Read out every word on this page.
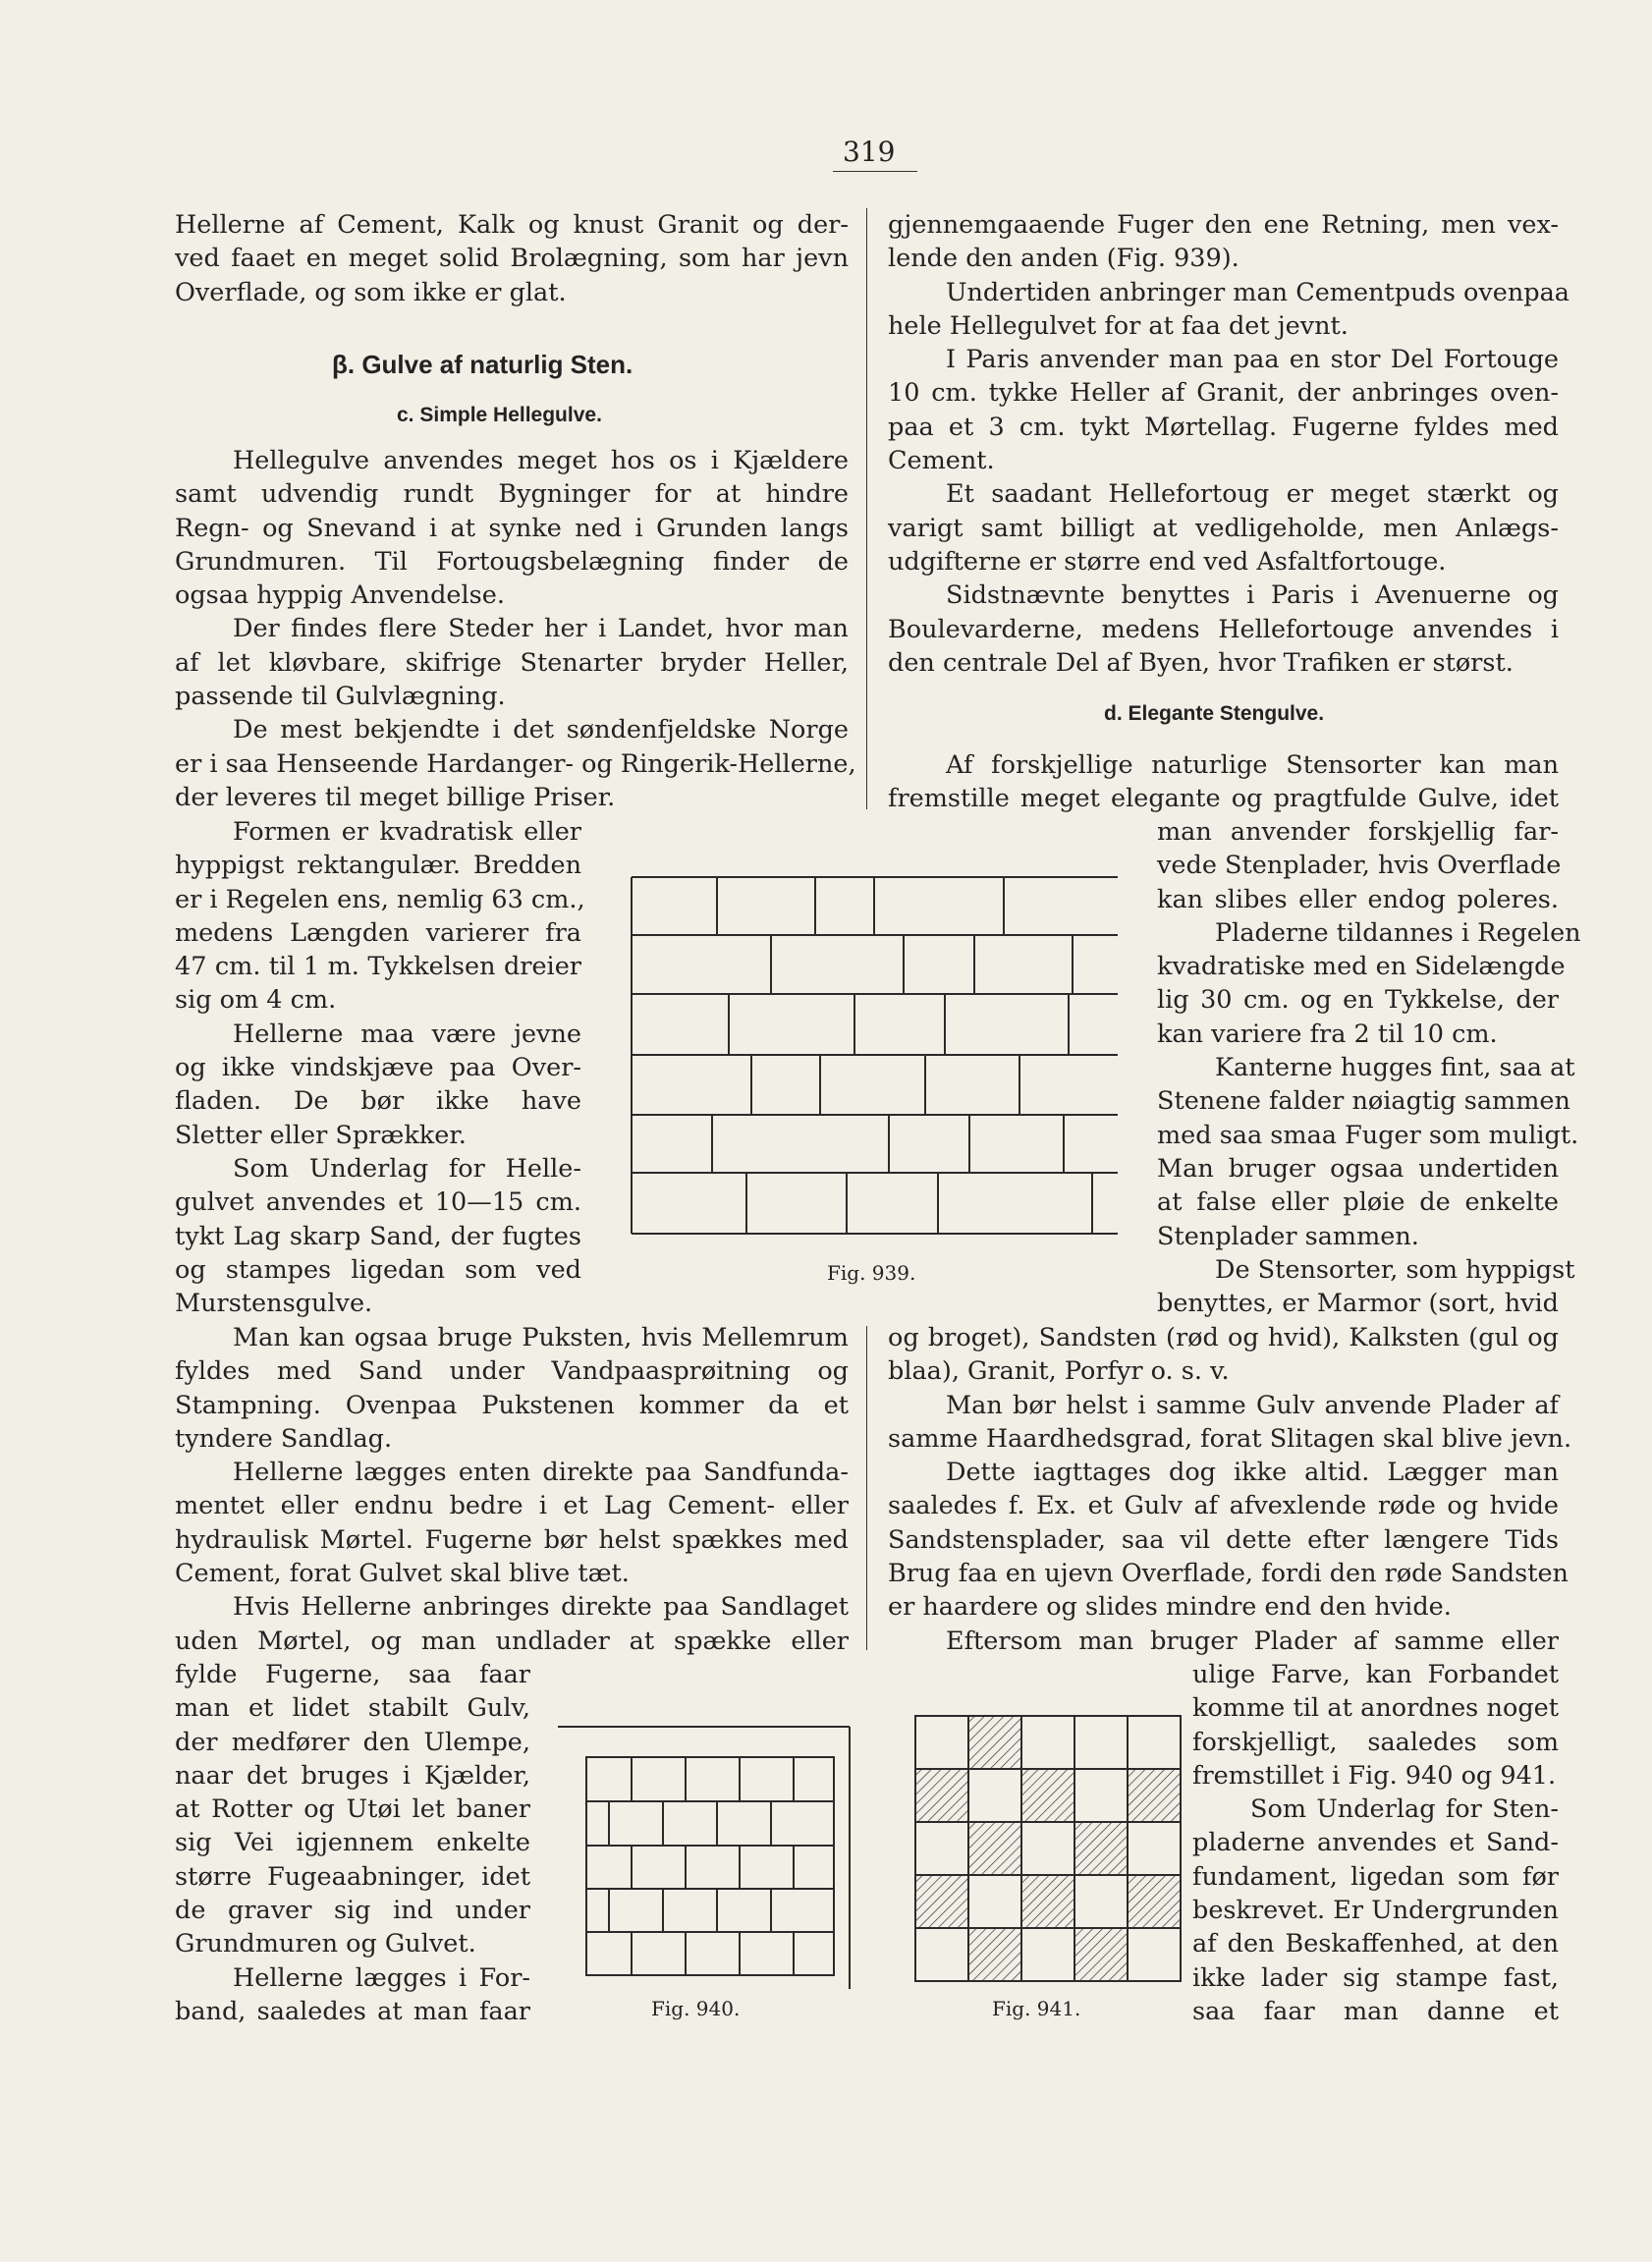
319
Hellerne af Cement, Kalk og knust Granit og der-
ved faaet en meget solid Brolægning, som har jevn
Overflade, og som ikke er glat.
β. Gulve af naturlig Sten.
c. Simple Hellegulve.
Hellegulve anvendes meget hos os i Kjældere
samt udvendig rundt Bygninger for at hindre
Regn- og Snevand i at synke ned i Grunden langs
Grundmuren. Til Fortougsbelægning finder de
ogsaa hyppig Anvendelse.
Der findes flere Steder her i Landet, hvor man
af let kløvbare, skifrige Stenarter bryder Heller,
passende til Gulvlægning.
De mest bekjendte i det søndenfjeldske Norge
er i saa Henseende Hardanger- og Ringerik-Hellerne,
der leveres til meget billige Priser.
Formen er kvadratisk eller
hyppigst rektangulær. Bredden
er i Regelen ens, nemlig 63 cm.,
medens Længden varierer fra
47 cm. til 1 m. Tykkelsen dreier
sig om 4 cm.
Hellerne maa være jevne
og ikke vindskjæve paa Over-
fladen. De bør ikke have
Sletter eller Sprækker.
Som Underlag for Helle-
gulvet anvendes et 10—15 cm.
tykt Lag skarp Sand, der fugtes
og stampes ligedan som ved
Murstensgulve.
Man kan ogsaa bruge Puksten, hvis Mellemrum
fyldes med Sand under Vandpaasprøitning og
Stampning. Ovenpaa Pukstenen kommer da et
tyndere Sandlag.
Hellerne lægges enten direkte paa Sandfunda-
mentet eller endnu bedre i et Lag Cement- eller
hydraulisk Mørtel. Fugerne bør helst spækkes med
Cement, forat Gulvet skal blive tæt.
Hvis Hellerne anbringes direkte paa Sandlaget
uden Mørtel, og man undlader at spække eller
fylde Fugerne, saa faar
man et lidet stabilt Gulv,
der medfører den Ulempe,
naar det bruges i Kjælder,
at Rotter og Utøi let baner
sig Vei igjennem enkelte
større Fugeaabninger, idet
de graver sig ind under
Grundmuren og Gulvet.
Hellerne lægges i For-
band, saaledes at man faar
gjennemgaaende Fuger den ene Retning, men vex-
lende den anden (Fig. 939).
Undertiden anbringer man Cementpuds ovenpaa
hele Hellegulvet for at faa det jevnt.
I Paris anvender man paa en stor Del Fortouge
10 cm. tykke Heller af Granit, der anbringes oven-
paa et 3 cm. tykt Mørtellag. Fugerne fyldes med
Cement.
Et saadant Hellefortoug er meget stærkt og
varigt samt billigt at vedligeholde, men Anlægs-
udgifterne er større end ved Asfaltfortouge.
Sidstnævnte benyttes i Paris i Avenuerne og
Boulevarderne, medens Hellefortouge anvendes i
den centrale Del af Byen, hvor Trafiken er størst.
d. Elegante Stengulve.
Af forskjellige naturlige Stensorter kan man
fremstille meget elegante og pragtfulde Gulve, idet
man anvender forskjellig far-
vede Stenplader, hvis Overflade
kan slibes eller endog poleres.
Pladerne tildannes i Regelen
kvadratiske med en Sidelængde
lig 30 cm. og en Tykkelse, der
kan variere fra 2 til 10 cm.
Kanterne hugges fint, saa at
Stenene falder nøiagtig sammen
med saa smaa Fuger som muligt.
Man bruger ogsaa undertiden
at false eller pløie de enkelte
Stenplader sammen.
De Stensorter, som hyppigst
benyttes, er Marmor (sort, hvid
og broget), Sandsten (rød og hvid), Kalksten (gul og
blaa), Granit, Porfyr o. s. v.
Man bør helst i samme Gulv anvende Plader af
samme Haardhedsgrad, forat Slitagen skal blive jevn.
Dette iagttages dog ikke altid. Lægger man
saaledes f. Ex. et Gulv af afvexlende røde og hvide
Sandstensplader, saa vil dette efter længere Tids
Brug faa en ujevn Overflade, fordi den røde Sandsten
er haardere og slides mindre end den hvide.
Eftersom man bruger Plader af samme eller
ulige Farve, kan Forbandet
komme til at anordnes noget
forskjelligt, saaledes som
fremstillet i Fig. 940 og 941.
Som Underlag for Sten-
pladerne anvendes et Sand-
fundament, ligedan som før
beskrevet. Er Undergrunden
af den Beskaffenhed, at den
ikke lader sig stampe fast,
saa faar man danne et
Fig. 939.
Fig. 940.	Fig. 941.
